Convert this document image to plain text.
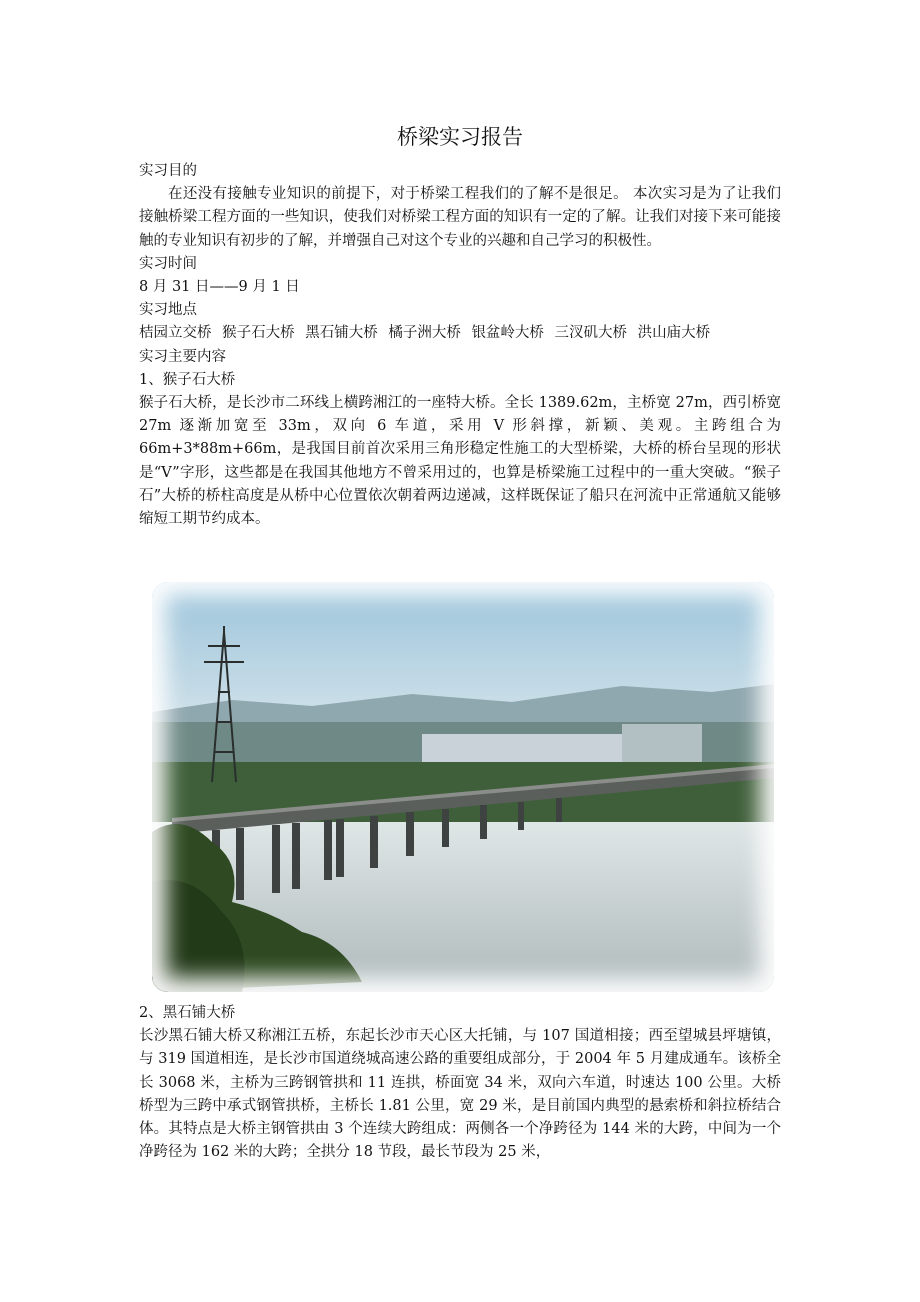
桥梁实习报告

实习目的

在还没有接触专业知识的前提下，对于桥梁工程我们的了解不是很足。 本次实习是为了让我们接触桥梁工程方面的一些知识，使我们对桥梁工程方面的知识有一定的了解。让我们对接下来可能接触的专业知识有初步的了解，并增强自己对这个专业的兴趣和自己学习的积极性。

实习时间

8 月 31 日——9 月 1 日

实习地点

桔园立交桥 猴子石大桥 黑石铺大桥 橘子洲大桥 银盆岭大桥 三汊矶大桥 洪山庙大桥

实习主要内容

1、猴子石大桥

猴子石大桥，是长沙市二环线上横跨湘江的一座特大桥。全长 1389.62m，主桥宽 27m，西引桥宽 27m 逐渐加宽至 33m，双向 6 车道，采用 V 形斜撑，新颖、美观。主跨组合为 66m+3*88m+66m，是我国目前首次采用三角形稳定性施工的大型桥梁，大桥的桥台呈现的形状是“V”字形，这些都是在我国其他地方不曾采用过的，也算是桥梁施工过程中的一重大突破。“猴子石”大桥的桥柱高度是从桥中心位置依次朝着两边递减，这样既保证了船只在河流中正常通航又能够缩短工期节约成本。

2、黑石铺大桥

长沙黑石铺大桥又称湘江五桥，东起长沙市天心区大托铺，与 107 国道相接；西至望城县坪塘镇，与 319 国道相连，是长沙市国道绕城高速公路的重要组成部分，于 2004 年 5 月建成通车。该桥全长 3068 米，主桥为三跨钢管拱和 11 连拱，桥面宽 34 米，双向六车道，时速达 100 公里。大桥桥型为三跨中承式钢管拱桥，主桥长 1.81 公里，宽 29 米，是目前国内典型的悬索桥和斜拉桥结合体。其特点是大桥主钢管拱由 3 个连续大跨组成：两侧各一个净跨径为 144 米的大跨，中间为一个净跨径为 162 米的大跨；全拱分 18 节段，最长节段为 25 米，
